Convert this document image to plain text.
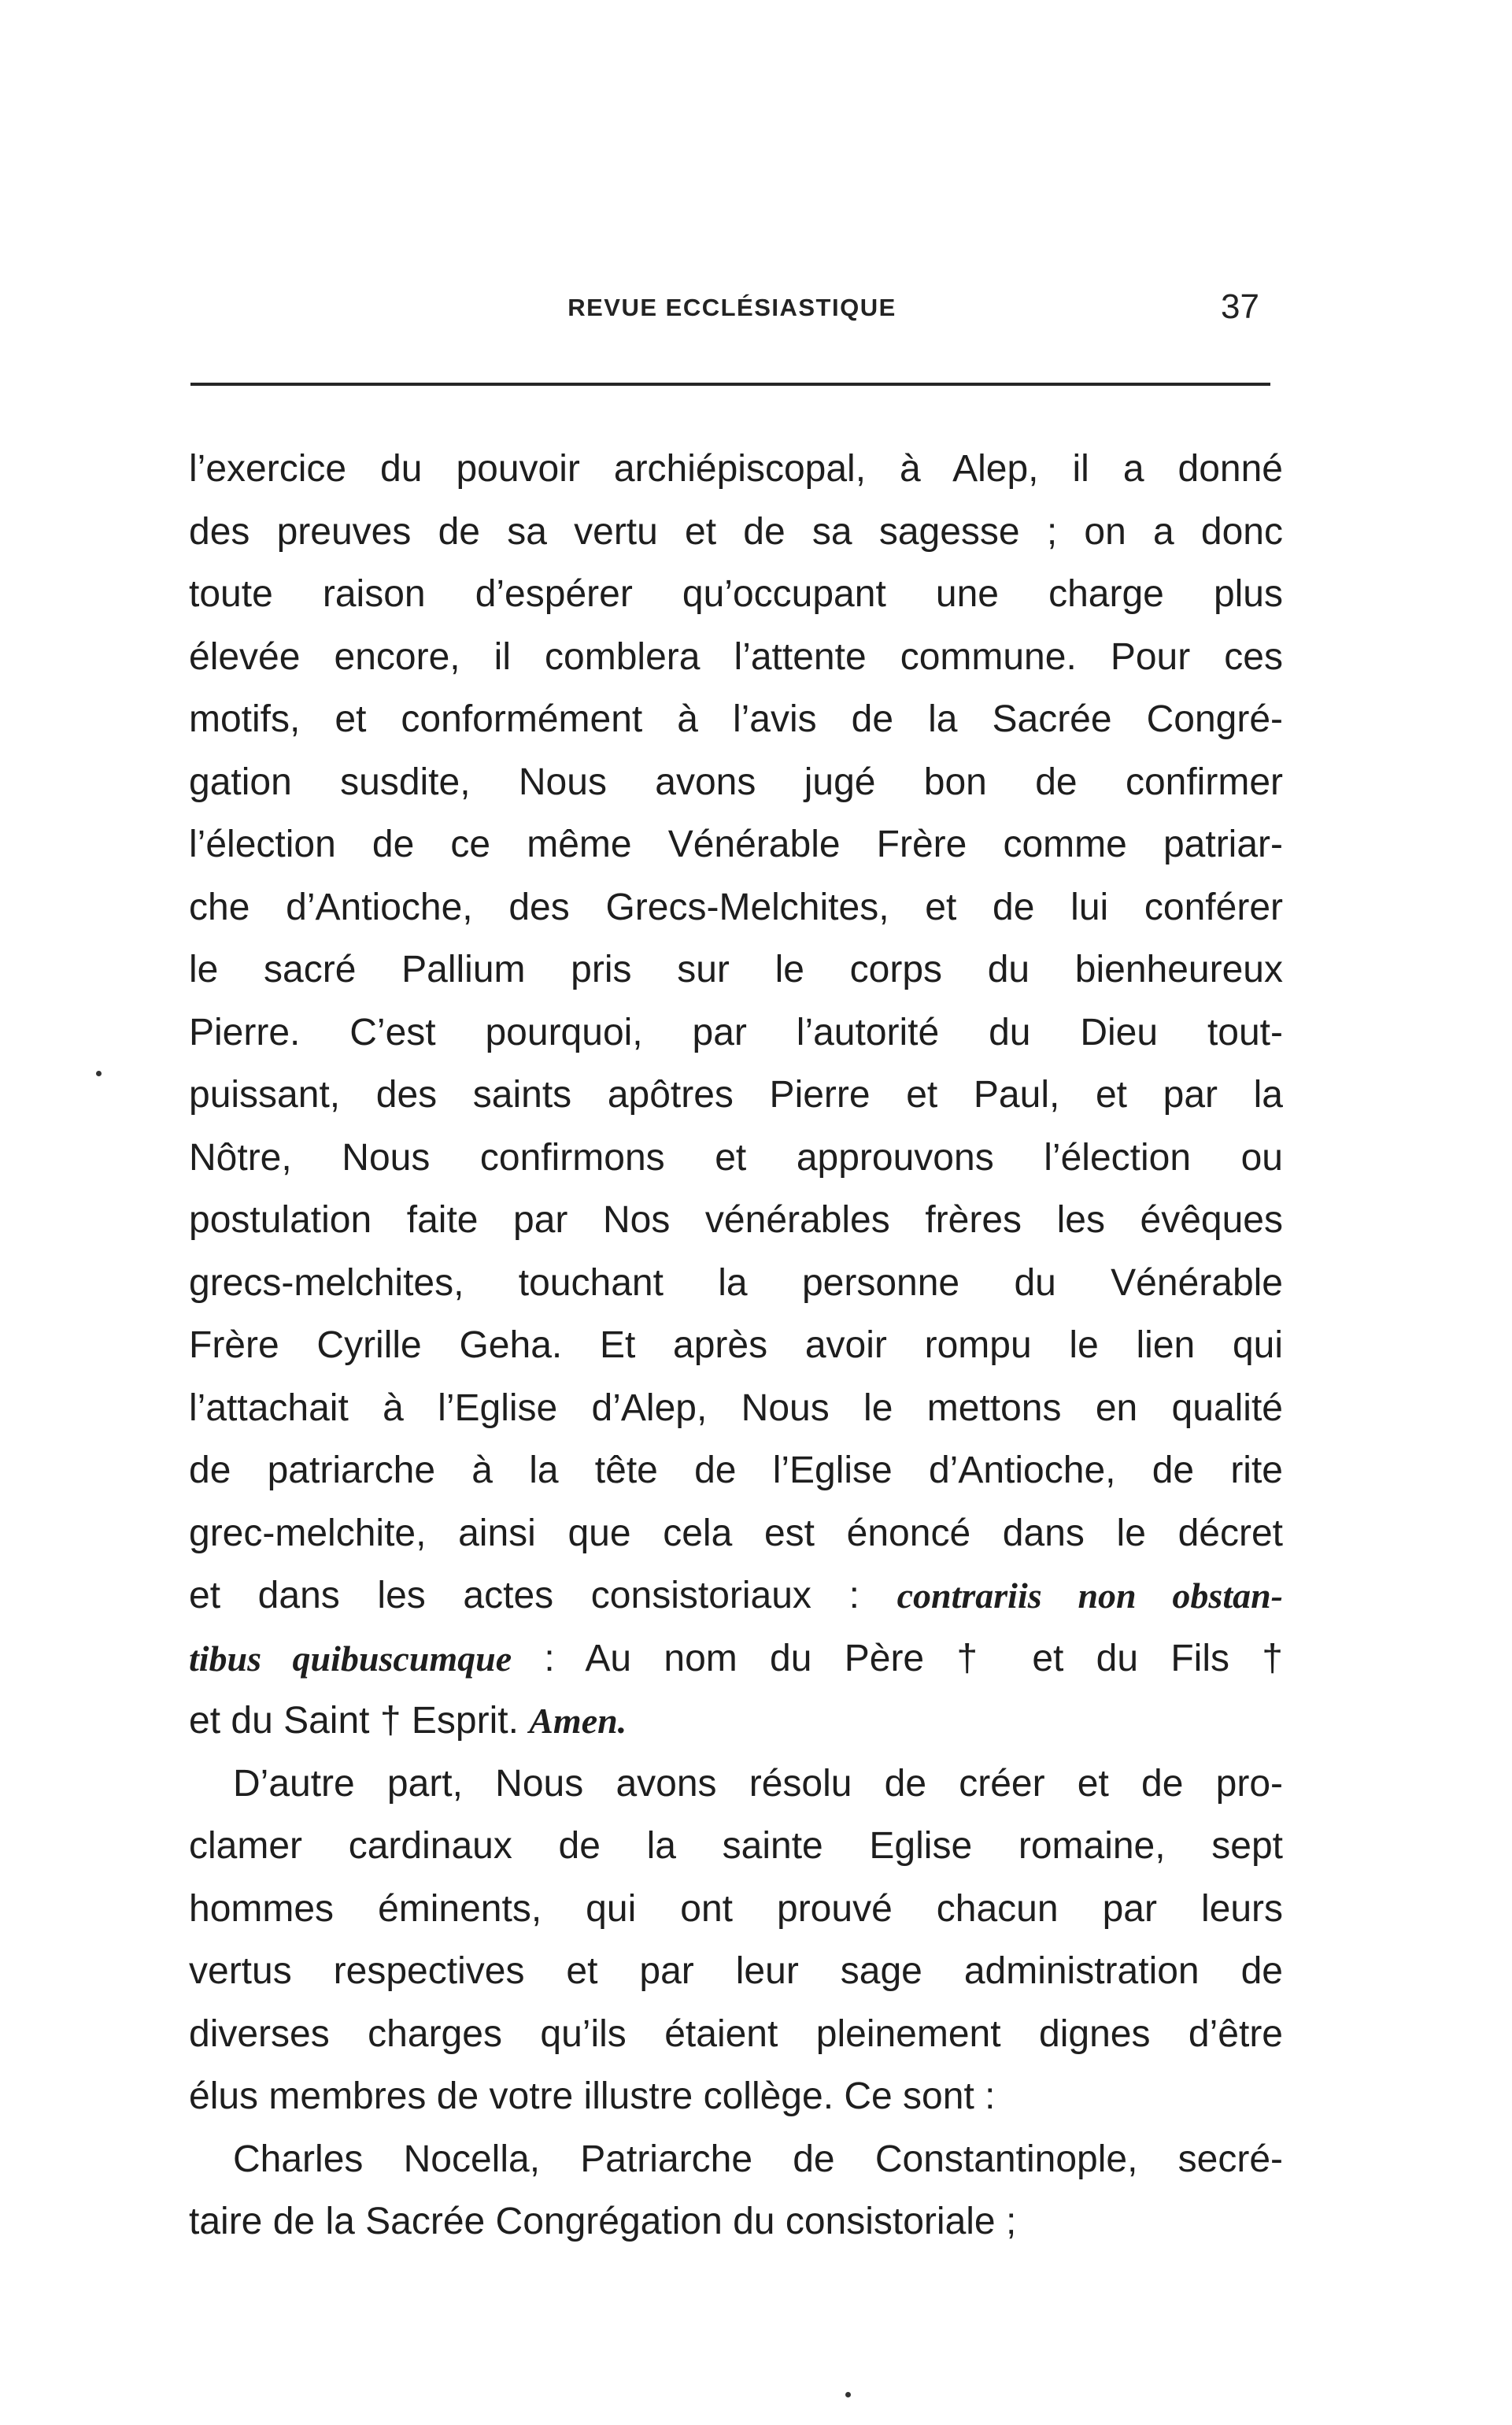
REVUE ECCLÉSIASTIQUE	37
l’exercice du pouvoir archiépiscopal, à Alep, il a donné
des preuves de sa vertu et de sa sagesse ; on a donc
toute raison d’espérer qu’occupant une charge plus
élevée encore, il comblera l’attente commune. Pour ces
motifs, et conformément à l’avis de la Sacrée Congré-
gation susdite, Nous avons jugé bon de confirmer
l’élection de ce même Vénérable Frère comme patriar-
che d’Antioche, des Grecs-Melchites, et de lui conférer
le sacré Pallium pris sur le corps du bienheureux
Pierre. C’est pourquoi, par l’autorité du Dieu tout-
puissant, des saints apôtres Pierre et Paul, et par la
Nôtre, Nous confirmons et approuvons l’élection ou
postulation faite par Nos vénérables frères les évêques
grecs-melchites, touchant la personne du Vénérable
Frère Cyrille Geha. Et après avoir rompu le lien qui
l’attachait à l’Eglise d’Alep, Nous le mettons en qualité
de patriarche à la tête de l’Eglise d’Antioche, de rite
grec-melchite, ainsi que cela est énoncé dans le décret
et dans les actes consistoriaux : contrariis non obstan-
tibus quibuscumque : Au nom du Père † et du Fils †
et du Saint † Esprit. Amen.
D’autre part, Nous avons résolu de créer et de pro-
clamer cardinaux de la sainte Eglise romaine, sept
hommes éminents, qui ont prouvé chacun par leurs
vertus respectives et par leur sage administration de
diverses charges qu’ils étaient pleinement dignes d’être
élus membres de votre illustre collège. Ce sont :
Charles Nocella, Patriarche de Constantinople, secré-
taire de la Sacrée Congrégation du consistoriale ;
